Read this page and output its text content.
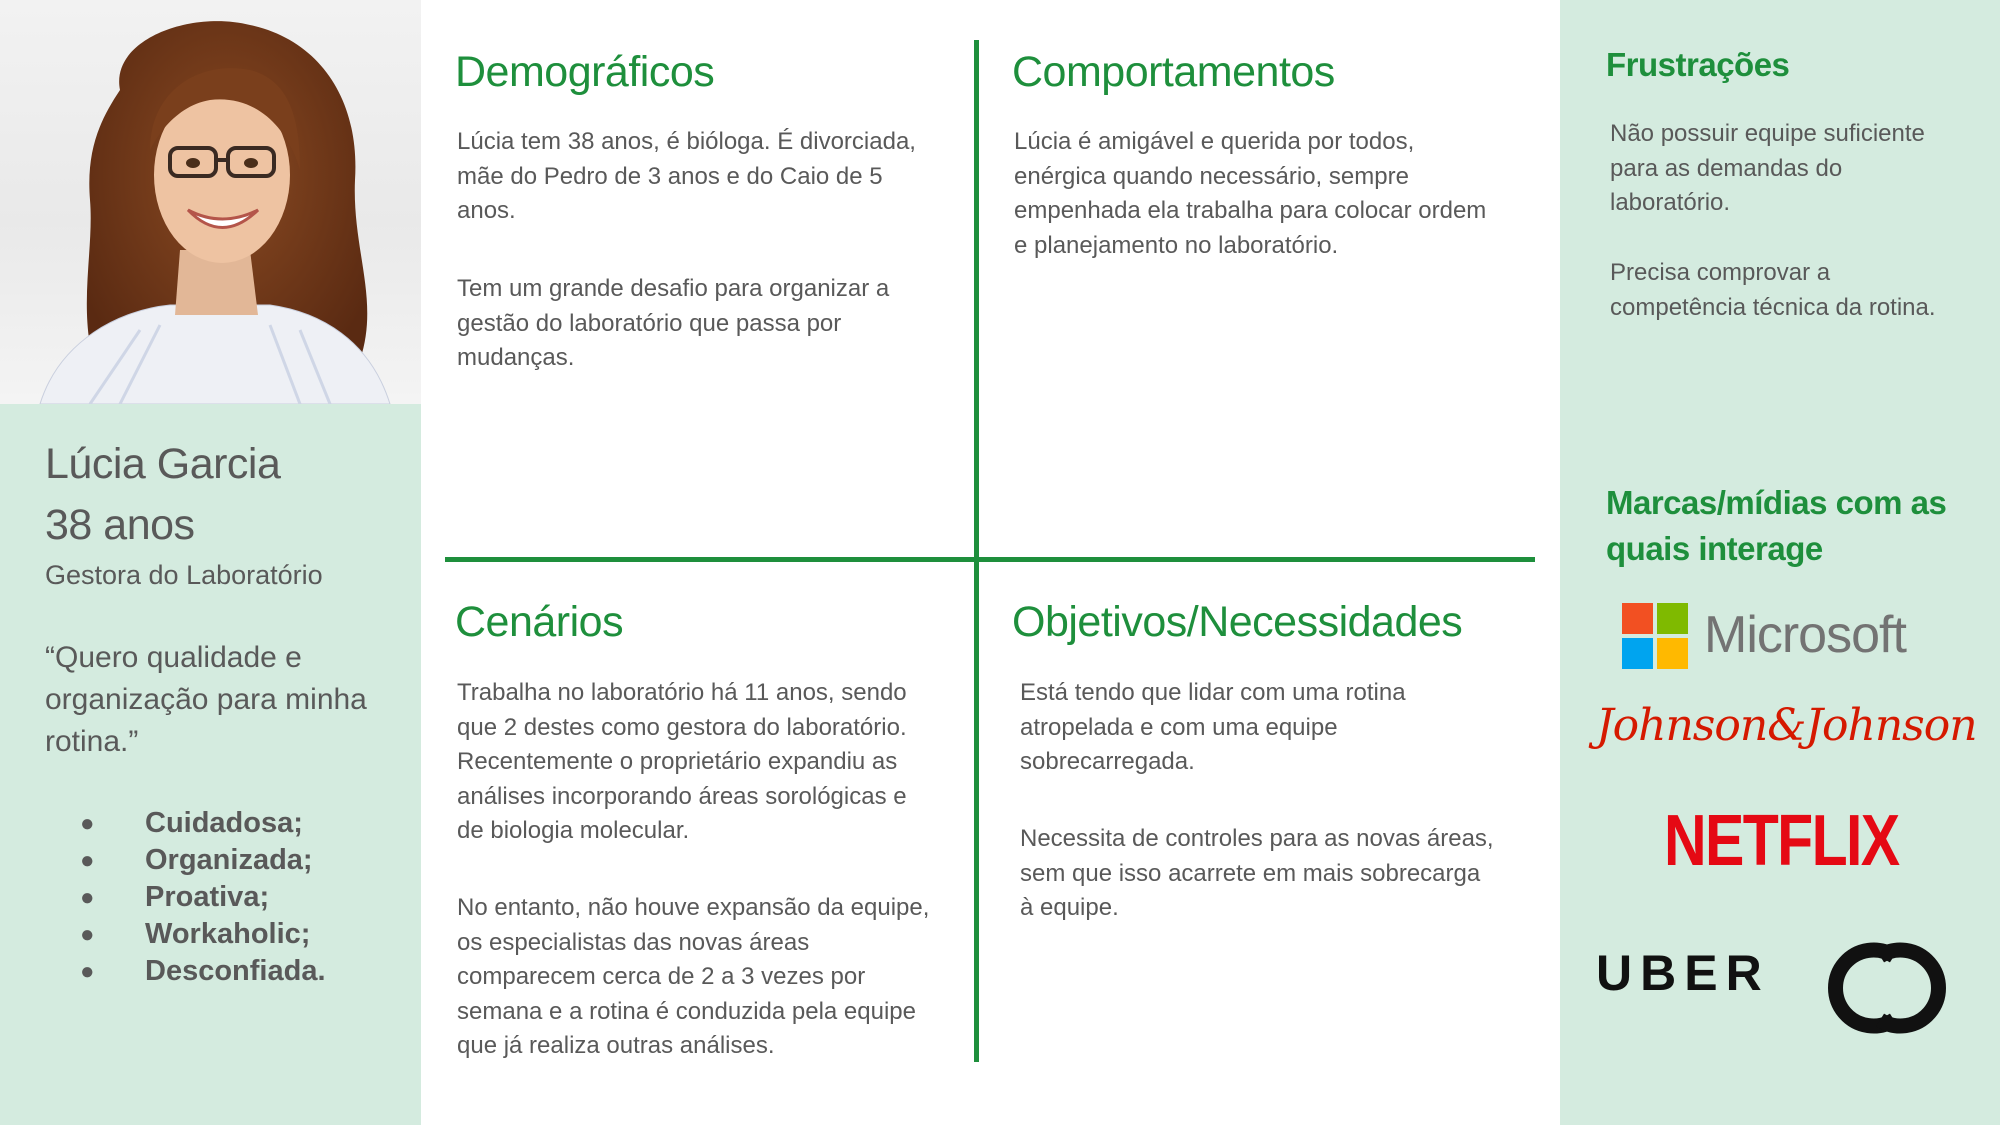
Lúcia Garcia
38 anos
Gestora do Laboratório
“Quero qualidade e organização para minha rotina.”
● Cuidadosa;
● Organizada;
● Proativa;
● Workaholic;
● Desconfiada.
Demográficos
Lúcia tem 38 anos, é bióloga. É divorciada,
mãe do Pedro de 3 anos e do Caio de 5
anos.
Tem um grande desafio para organizar a
gestão do laboratório que passa por
mudanças.
Comportamentos
Lúcia é amigável e querida por todos,
enérgica quando necessário, sempre
empenhada ela trabalha para colocar ordem
e planejamento no laboratório.
Cenários
Trabalha no laboratório há 11 anos, sendo
que 2 destes como gestora do laboratório.
Recentemente o proprietário expandiu as
análises incorporando áreas sorológicas e
de biologia molecular.
No entanto, não houve expansão da equipe,
os especialistas das novas áreas
comparecem cerca de 2 a 3 vezes por
semana e a rotina é conduzida pela equipe
que já realiza outras análises.
Objetivos/Necessidades
Está tendo que lidar com uma rotina
atropelada e com uma equipe
sobrecarregada.
Necessita de controles para as novas áreas,
sem que isso acarrete em mais sobrecarga
à equipe.
Frustrações
Não possuir equipe suficiente
para as demandas do
laboratório.
Precisa comprovar a
competência técnica da rotina.
Marcas/mídias com as
quais interage
Microsoft
Johnson&Johnson
NETFLIX
UBER
